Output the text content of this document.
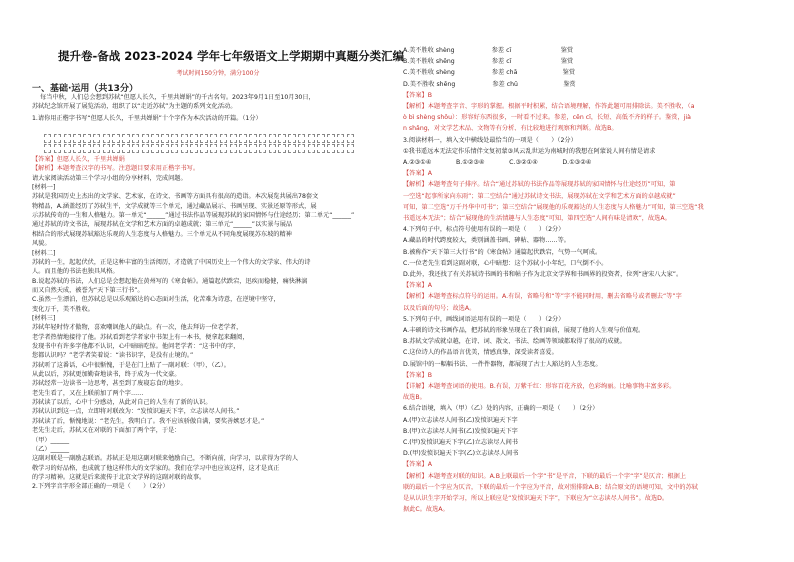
提升卷-备战 2023-2024 学年七年级语文上学期期中真题分类汇编
考试时间150分钟，满分100分
一、基础·运用（共13分）
每当中秋，人们总会想到苏轼“但愿人长久，千里共婵娟”的千古名句。2023年9月1日至10月30日，
苏轼纪念馆开展了展览活动，组织了以“走近苏轼”为主题的系列文化活动。
1.请你用正楷字书写“但愿人长久，千里共婵娟”十个字作为本次活动的开篇。（1分）
【答案】但愿人长久，千里共婵娟
【解析】本题考查汉字的书写。注意题目要求用正楷字书写。
请大家阅读活动第三个学习小组的分享材料，完成问题。
[材料一]
苏轼是我国历史上杰出的文学家、艺术家，在诗文、书画等方面具有很高的造诣。本次展览共展出78套文
物精品，A.涵盖经历了苏轼生平，文学成就等三个单元，通过藏品展示、书画呈现、实景还原等形式，展
示苏轼传奇的一生和人格魅力。第一单元“______”通过书法作品等展现苏轼的家国情怀与仕途经历；第二单元“______”
通过苏轼的诗文书法，展现苏轼在文学和艺术方面的卓越成就；第三单元“______”以实景与展品
相结合的形式展现苏轼豁达乐观的人生态度与人格魅力。三个单元从不同角度展现苏东坡的精神
风貌。
[材料二]
苏轼的一生，起起伏伏，正是这种丰富的生活阅历，才造就了中国历史上一个伟大的文学家、伟大的诗
人。而且他的书法也独具风格。
B.说起苏轼的书法，人们总是会想起他在黄州写的《寒食帖》。通篇起伏跌宕，迅疾而稳健，痛快淋漓
而又自然天成，被誉为“天下第三行书”。
C.虽然一生漂泊，但苏轼总是以乐观豁达的心态面对生活，化苦难为诗意，在逆境中坚守，
变化万千，美不胜收。
[材料三]
苏轼年轻时恃才傲物，喜欢嘲讽他人的缺点。有一次，他去拜访一位老学者，
老学者热情地接待了他。苏轼看到老学者家中书架上有一本书，便拿起来翻阅，
发现书中有许多字他都不认识，心中暗暗吃惊。他问老学者：“这书中的字，
您都认识吗？”老学者笑着说：“读书识字，是没有止境的。”
苏轼听了这番话，心中很惭愧，于是在门上贴了一副对联：（甲），（乙）。
从此以后，苏轼更加勤奋地读书，终于成为一代文豪。
苏轼经常一边读书一边思考，甚至到了废寝忘食的地步。
老先生看了，又在上联前加了两个字……
苏轼读了以后，心中十分感动，从此对自己的人生有了新的认识。
苏轼认识到这一点，立即将对联改为：“发愤识遍天下字，立志读尽人间书。”
苏轼读了后，惭愧地说：“老先生，我明白了。我不应该骄傲自满，要奖善嫉恶才是。”
老先生走后，苏轼又在对联的下面加了两个字，于是：
（甲）______
（乙）______
这副对联是一副励志联语。苏轼正是用这副对联来勉励自己，不断向前，向学习，以求得为学的人
敬学习的好品格，也成就了他这样伟大的文学家的。我们在学习中也应该这样，这才是真正
的学习精神。这就是后来流传于北京文学界的这副对联的故事。
2.下列字音字形全部正确的一项是（　　）（2分）
A.美不胜收 shèng　　　　　　参差 cī　　　　　　　　鉴赏
B.美不胜收 shēng　　　　　　参差 cī　　　　　　　　鉴赏
C.美不胜收 shèng　　　　　　参差 chā　　　　　　　 鉴赏
D.美不胜收 shēng　　　　　　参差 chū　　　　　　　 鉴赏
【答案】B
【解析】本题考查字音、字形的掌握。根据平时积累，结合语境理解，作答此题可用排除法。美不胜收，（a
ò bì shèng shōu）：形容好东西很多，一时看不过来。参差，cēn cī，长短、高低不齐的样子。鉴赏，jià
n shǎng，对文学艺术品、文物等有分析、有比较地进行观察和判断。故选B。
3.阅读材料一，填入文中横线处最恰当的一项是（　　）（2分）
①我书遥远本无法定作乐情伴文复初蒙③风云乱世运为南城时的我想在阿蒙说人间有情是请求
A.②③①④　　　　B.①②③④　　　　C.③②①④　　　　D.①③②④
【答案】A
【解析】本题考查句子排序。结合“通过苏轼的书法作品等展现苏轼的家国情怀与仕途经历”可知，第
一空选“起事所家向东雨”；第二空结合“通过苏轼诗文书法，展现苏轼在文学和艺术方面的卓越成就”
可知，第二空选“万千丹华中可书”；第三空结合“展现他的乐观豁达的人生态度与人格魅力”可知，第三空选“我
书遥远本无法”；结合“展现他的生活情趣与人生态度”可知，第四空选“人间有味是清欢”，故选A。
4.下列句子中，标点符号使用有误的一项是（　　）（2分）
A.藏品的时代跨度较大，类别涵盖书画、碑帖、器物……等。
B.被称作“天下第三大行书”的《寒食帖》通篇起伏跌宕，气势一气呵成。
C.一位老先生看到这副对联，心中暗想：这个苏轼小小年纪，口气倒不小。
D.此外，我还找了有关苏轼诗书画的书和帖子作为北京文学界和书画界的投资者，位列“唐宋八大家”。
【答案】A
【解析】本题考查标点符号的运用。A.有误，省略号和“等”字不能同时用，删去省略号或者删去“等”字
以及后面的句号；故选A。
5.下列句子中，画线词语运用有误的一项是（　　）（2分）
A.丰硕的诗文书画作品，把苏轼的形象呈现在了我们面前，展现了他的人生观与价值观。
B.苏轼文学成就卓越，在诗、词、散文、书法、绘画等领域都取得了很高的成就。
C.这位诗人的作品语言优美，情感真挚，深受读者喜爱。
D.展馆中的一幅幅书法、一件件器物，都展现了古士人豁达的人生态度。
【答案】B
【详解】本题考查词语的使用。B.有误，万紫千红：形容百花齐放，色彩绚丽。比喻事物丰富多彩。
故选B。
6.结合语境，填入（甲）（乙）处的内容，正确的一项是（　　）（2分）
A.(甲)立志读尽人间书(乙)发愤识遍天下字
B.(甲)立志读尽人间书(乙)发愤识遍天下字
C.(甲)发愤识遍天下字(乙)立志读尽人间书
D.(甲)发愤识遍天下字(乙)立志读尽人间书
【答案】A
【解析】本题考查对联的知识。A.B上联最后一个字“书”是平音，下联的最后一个字“字”是仄音；根据上
联的最后一个字应为仄音，下联的最后一个字应为平音，故对照排除A.B；结合原文的语境可知，文中的苏轼
是从认识生字开始学习，所以上联应是“发愤识遍天下字”，下联应为“立志读尽人间书”。故选D。
据此C。故选A。
